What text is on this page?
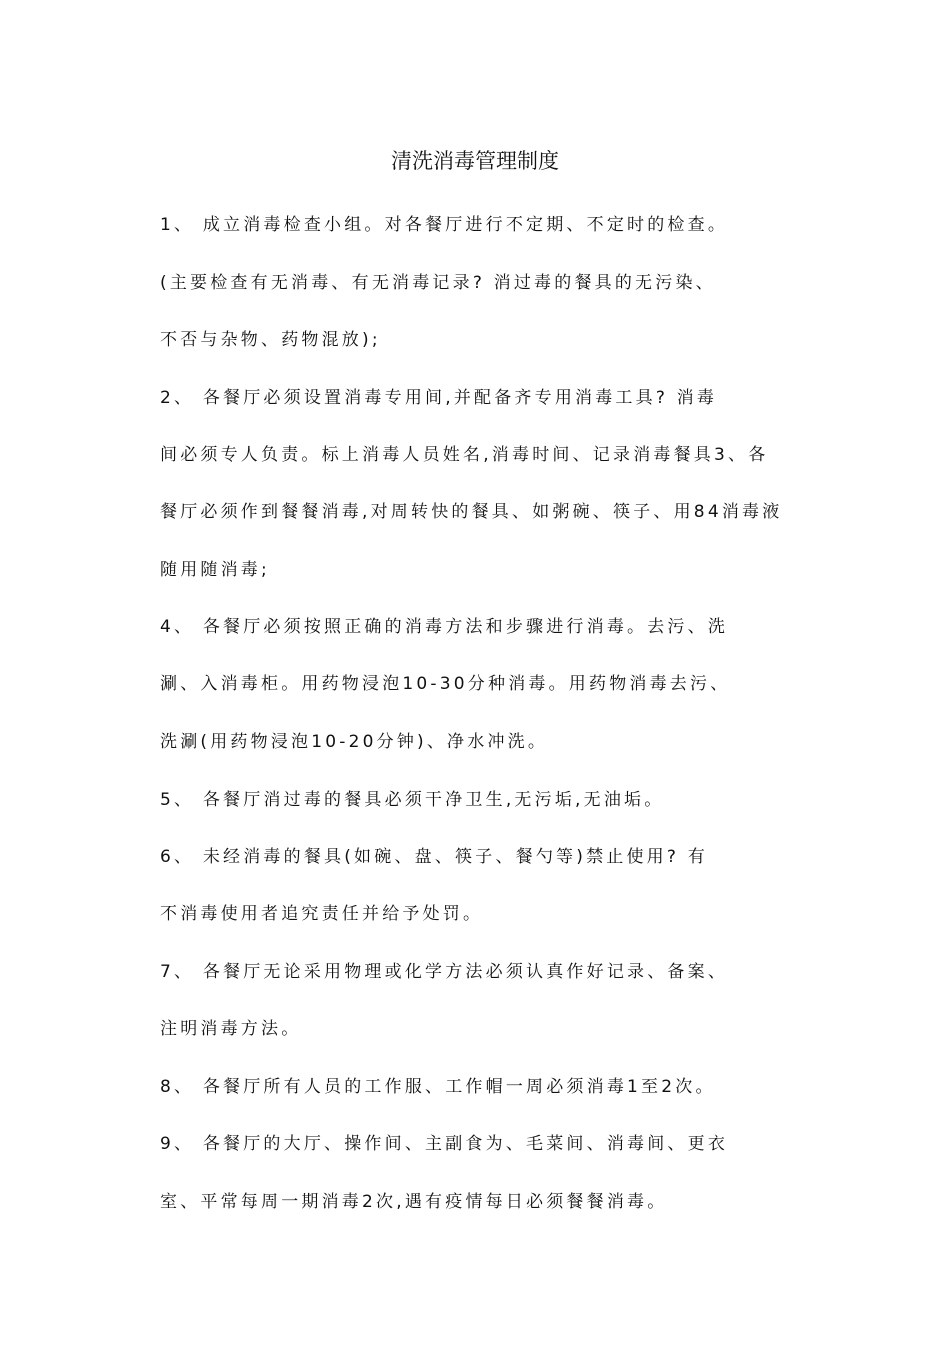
清洗消毒管理制度
1、 成立消毒检查小组。对各餐厅进行不定期、不定时的检查。
(主要检查有无消毒、有无消毒记录? 消过毒的餐具的无污染、
不否与杂物、药物混放);
2、 各餐厅必须设置消毒专用间,并配备齐专用消毒工具? 消毒
间必须专人负责。标上消毒人员姓名,消毒时间、记录消毒餐具3、各
餐厅必须作到餐餐消毒,对周转快的餐具、如粥碗、筷子、用84消毒液
随用随消毒;
4、 各餐厅必须按照正确的消毒方法和步骤进行消毒。去污、洗
涮、入消毒柜。用药物浸泡10-30分种消毒。用药物消毒去污、
洗涮(用药物浸泡10-20分钟)、净水冲洗。
5、 各餐厅消过毒的餐具必须干净卫生,无污垢,无油垢。
6、 未经消毒的餐具(如碗、盘、筷子、餐勺等)禁止使用? 有
不消毒使用者追究责任并给予处罚。
7、 各餐厅无论采用物理或化学方法必须认真作好记录、备案、
注明消毒方法。
8、 各餐厅所有人员的工作服、工作帽一周必须消毒1至2次。
9、 各餐厅的大厅、操作间、主副食为、毛菜间、消毒间、更衣
室、平常每周一期消毒2次,遇有疫情每日必须餐餐消毒。
